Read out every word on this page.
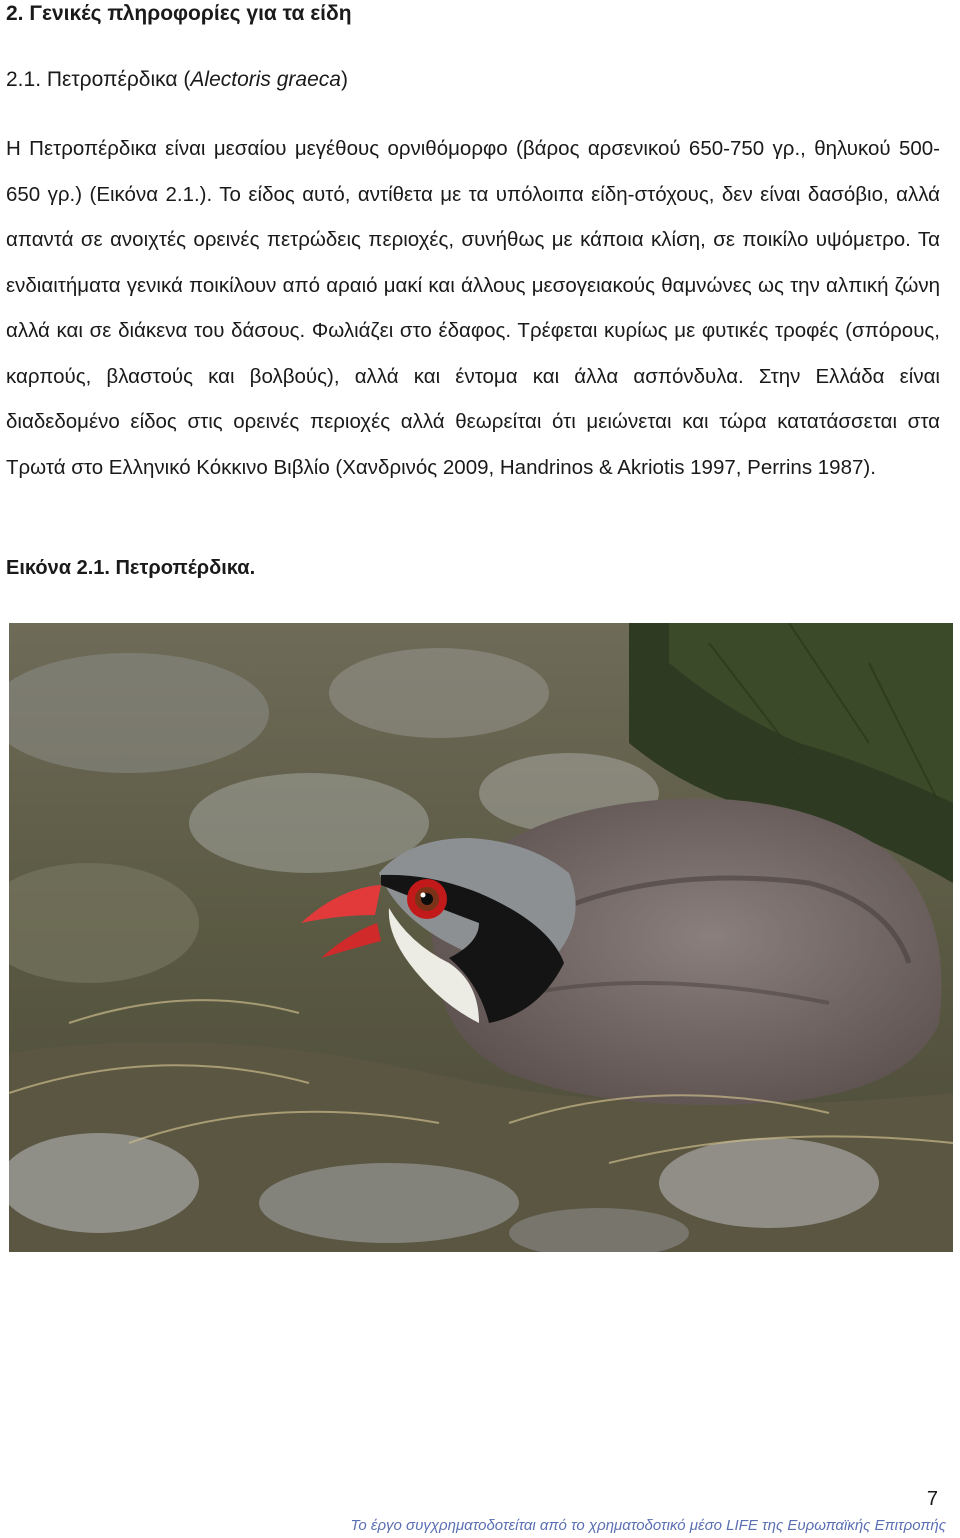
2. Γενικές πληροφορίες για τα είδη
2.1. Πετροπέρδικα (Alectoris graeca)

Η Πετροπέρδικα είναι μεσαίου μεγέθους ορνιθόμορφο (βάρος αρσενικού 650-750 γρ., θηλυκού 500-650 γρ.) (Εικόνα 2.1.). Το είδος αυτό, αντίθετα με τα υπόλοιπα είδη-στόχους, δεν είναι δασόβιο, αλλά απαντά σε ανοιχτές ορεινές πετρώδεις περιοχές, συνήθως με κάποια κλίση, σε ποικίλο υψόμετρο. Τα ενδιαιτήματα γενικά ποικίλουν από αραιό μακί και άλλους μεσογειακούς θαμνώνες ως την αλπική ζώνη αλλά και σε διάκενα του δάσους. Φωλιάζει στο έδαφος. Τρέφεται κυρίως με φυτικές τροφές (σπόρους, καρπούς, βλαστούς και βολβούς), αλλά και έντομα και άλλα ασπόνδυλα. Στην Ελλάδα είναι διαδεδομένο είδος στις ορεινές περιοχές αλλά θεωρείται ότι μειώνεται και τώρα κατατάσσεται στα Τρωτά στο Ελληνικό Κόκκινο Βιβλίο (Χανδρινός 2009, Handrinos & Akriotis 1997, Perrins 1987).

Εικόνα 2.1. Πετροπέρδικα.
7
Το έργο συγχρηματοδοτείται από το χρηματοδοτικό μέσο LIFE της Ευρωπαϊκής Επιτροπής
